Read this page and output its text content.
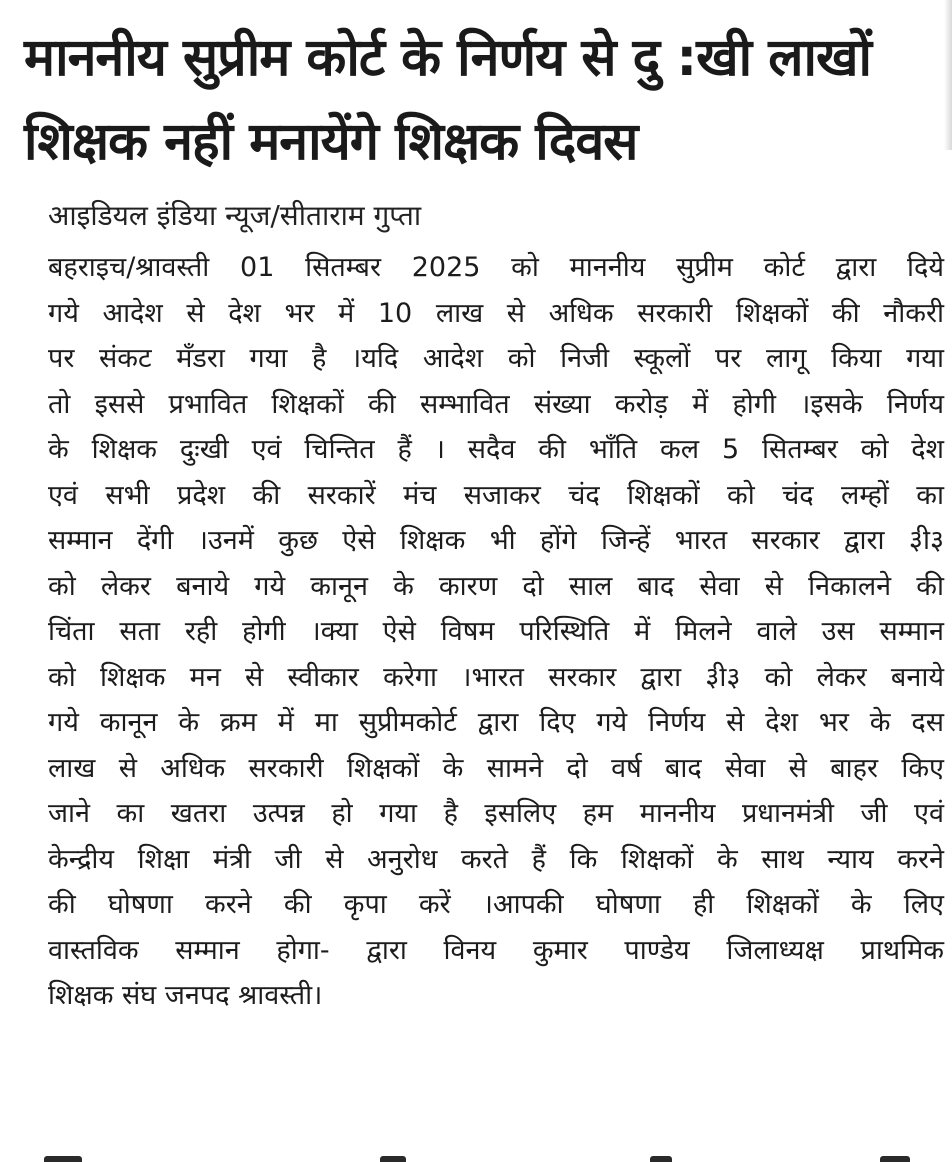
माननीय सुप्रीम कोर्ट के निर्णय से दु :खी लाखों
शिक्षक नहीं मनायेंगे शिक्षक दिवस

आइडियल इंडिया न्यूज/सीताराम गुप्ता

बहराइच/श्रावस्ती 01 सितम्बर 2025 को माननीय सुप्रीम कोर्ट द्वारा दिये
गये आदेश से देश भर में 10 लाख से अधिक सरकारी शिक्षकों की नौकरी
पर संकट मँडरा गया है ।यदि आदेश को निजी स्कूलों पर लागू किया गया
तो इससे प्रभावित शिक्षकों की सम्भावित संख्या करोड़ में होगी ।इसके निर्णय
के शिक्षक दुःखी एवं चिन्तित हैं । सदैव की भाँति कल 5 सितम्बर को देश
एवं सभी प्रदेश की सरकारें मंच सजाकर चंद शिक्षकों को चंद लम्हों का
सम्मान देंगी ।उनमें कुछ ऐसे शिक्षक भी होंगे जिन्हें भारत सरकार द्वारा ३ी३
को लेकर बनाये गये कानून के कारण दो साल बाद सेवा से निकालने की
चिंता सता रही होगी ।क्या ऐसे विषम परिस्थिति में मिलने वाले उस सम्मान
को शिक्षक मन से स्वीकार करेगा ।भारत सरकार द्वारा ३ी३ को लेकर बनाये
गये कानून के क्रम में मा सुप्रीमकोर्ट द्वारा दिए गये निर्णय से देश भर के दस
लाख से अधिक सरकारी शिक्षकों के सामने दो वर्ष बाद सेवा से बाहर किए
जाने का खतरा उत्पन्न हो गया है इसलिए हम माननीय प्रधानमंत्री जी एवं
केन्द्रीय शिक्षा मंत्री जी से अनुरोध करते हैं कि शिक्षकों के साथ न्याय करने
की घोषणा करने की कृपा करें ।आपकी घोषणा ही शिक्षकों के लिए
वास्तविक सम्मान होगा- द्वारा विनय कुमार पाण्डेय जिलाध्यक्ष प्राथमिक
शिक्षक संघ जनपद श्रावस्ती।
